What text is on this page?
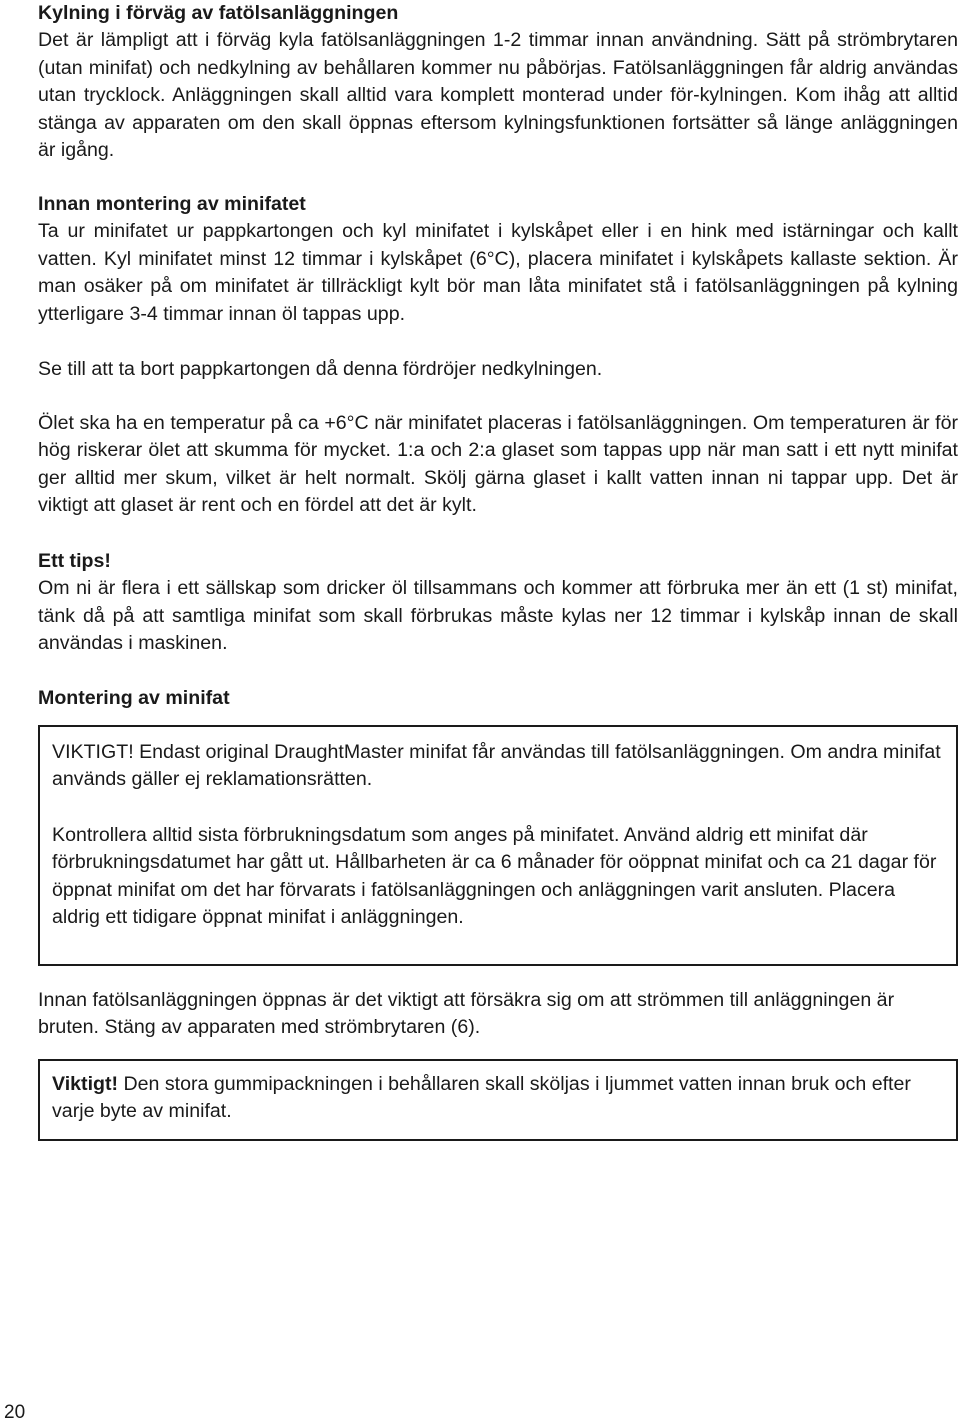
Kylning i förväg av fatölsanläggningen

Det är lämpligt att i förväg kyla fatölsanläggningen 1-2 timmar innan användning. Sätt på strömbrytaren (utan minifat) och nedkylning av behållaren kommer nu påbörjas. Fatölsanläggningen får aldrig användas utan trycklock. Anläggningen skall alltid vara komplett monterad under för-kylningen. Kom ihåg att alltid stänga av apparaten om den skall öppnas eftersom kylningsfunktionen fortsätter så länge anläggningen är igång.

Innan montering av minifatet

Ta ur minifatet ur pappkartongen och kyl minifatet i kylskåpet eller i en hink med istärningar och kallt vatten. Kyl minifatet minst 12 timmar i kylskåpet (6°C), placera minifatet i kylskåpets kallaste sektion. Är man osäker på om minifatet är tillräckligt kylt bör man låta minifatet stå i fatölsanläggningen på kylning ytterligare 3-4 timmar innan öl tappas upp.

Se till att ta bort pappkartongen då denna fördröjer nedkylningen.

Ölet ska ha en temperatur på ca +6°C när minifatet placeras i fatölsanläggningen. Om temperaturen är för hög riskerar ölet att skumma för mycket. 1:a och 2:a glaset som tappas upp när man satt i ett nytt minifat ger alltid mer skum, vilket är helt normalt. Skölj gärna glaset i kallt vatten innan ni tappar upp. Det är viktigt att glaset är rent och en fördel att det är kylt.

Ett tips!

Om ni är flera i ett sällskap som dricker öl tillsammans och kommer att förbruka mer än ett (1 st) minifat, tänk då på att samtliga minifat som skall förbrukas måste kylas ner 12 timmar i kylskåp innan de skall användas i maskinen.

Montering av minifat

VIKTIGT! Endast original DraughtMaster minifat får användas till fatölsanläggningen. Om andra minifat används gäller ej reklamationsrätten.

Kontrollera alltid sista förbrukningsdatum som anges på minifatet. Använd aldrig ett minifat där förbrukningsdatumet har gått ut. Hållbarheten är ca 6 månader för oöppnat minifat och ca 21 dagar för öppnat minifat om det har förvarats i fatölsanläggningen och anläggningen varit ansluten. Placera aldrig ett tidigare öppnat minifat i anläggningen.

Innan fatölsanläggningen öppnas är det viktigt att försäkra sig om att strömmen till anläggningen är bruten. Stäng av apparaten med strömbrytaren (6).

Viktigt! Den stora gummipackningen i behållaren skall sköljas i ljummet vatten innan bruk och efter varje byte av minifat.

20
